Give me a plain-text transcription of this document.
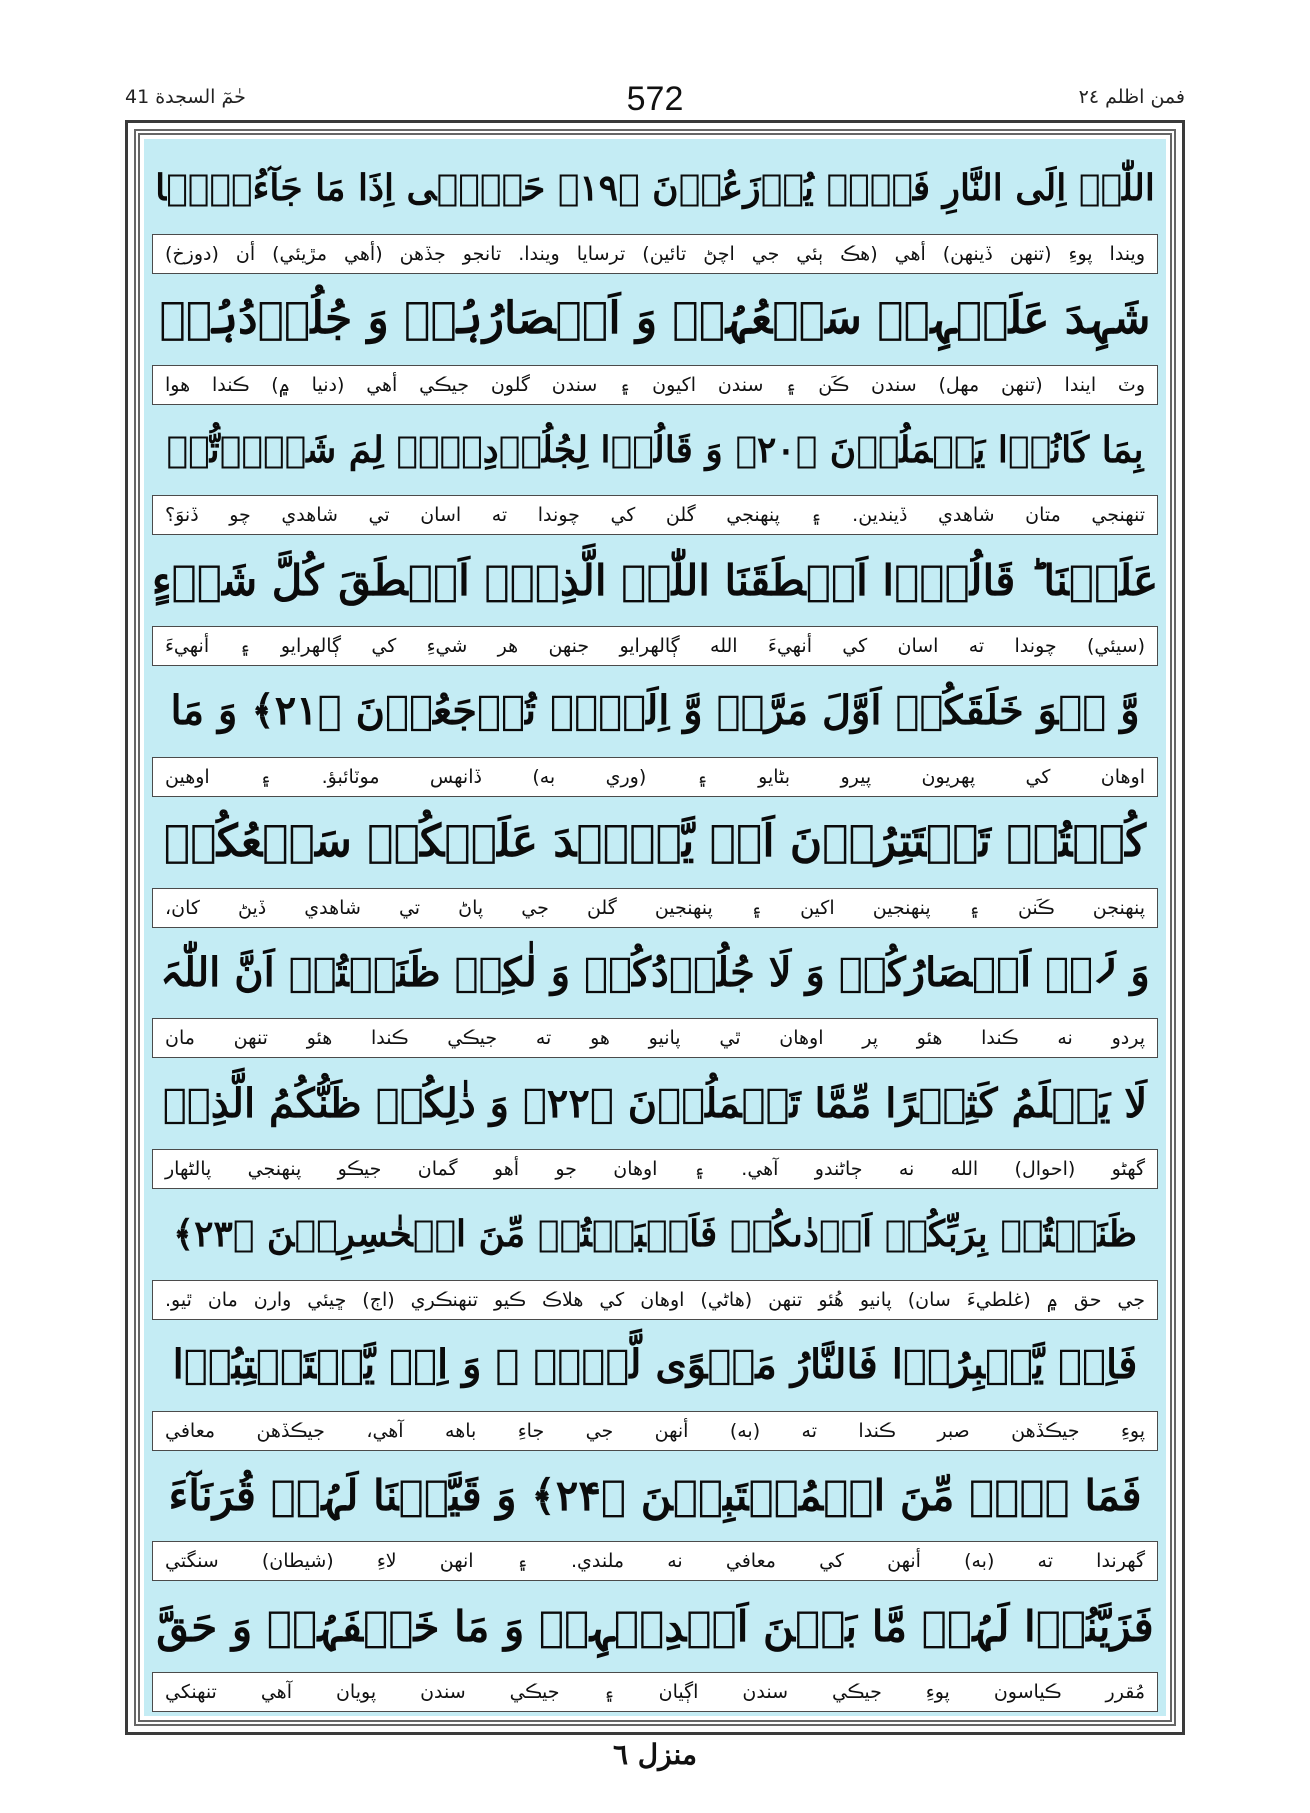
حٰمٓ السجدة 41	572	فمن اظلم ٢٤
اللّٰہِ اِلَی النَّارِ فَہُمۡ یُوۡزَعُوۡنَ ﴿۱۹﴾ حَتّٰۤی اِذَا مَا جَآءُوۡہَا
ويندا پوءِ (تنهن ڏينهن) أهي (هڪ ٻئي جي اچڻ تائين) ترسايا ويندا. تانجو جڏهن (أهي مڙيئي) أن (دوزخ)
شَہِدَ عَلَیۡہِمۡ سَمۡعُہُمۡ وَ اَبۡصَارُہُمۡ وَ جُلُوۡدُہُمۡ
وٽ ايندا (تنهن مهل) سندن ڪَن ۽ سندن اکيون ۽ سندن گلون جيڪي أهي (دنيا ۾) ڪندا هوا
بِمَا کَانُوۡا یَعۡمَلُوۡنَ ﴿۲۰﴾ وَ قَالُوۡا لِجُلُوۡدِہِمۡ لِمَ شَہِدۡتُّمۡ
تنهنجي متان شاهدي ڏيندين. ۽ پنهنجي گلن کي چوندا ته اسان تي شاهدي چو ڏنوَ؟
عَلَیۡنَا ؕ قَالُوۡۤا اَنۡطَقَنَا اللّٰہُ الَّذِیۡۤ اَنۡطَقَ کُلَّ شَیۡءٍ
(سيئي) چوندا ته اسان کي أنهيءَ الله ڳالهرايو جنهن هر شيءِ کي ڳالهرايو ۽ أنهيءَ
وَّ ہُوَ خَلَقَکُمۡ اَوَّلَ مَرَّۃٍ وَّ اِلَیۡہِ تُرۡجَعُوۡنَ ﴿۲۱﴾ وَ مَا
اوهان کي پهريون پيرو بڻايو ۽ (وري به) ڏانهس موٽائبؤ. ۽ اوهين
کُنۡتُمۡ تَسۡتَتِرُوۡنَ اَنۡ یَّشۡہَدَ عَلَیۡکُمۡ سَمۡعُکُمۡ
پنهنجن ڪَنن ۽ پنهنجين اکين ۽ پنهنجين گلن جي پاڻ تي شاهدي ڏيڻ کان،
وَ لَاۤ اَبۡصَارُکُمۡ وَ لَا جُلُوۡدُکُمۡ وَ لٰکِنۡ ظَنَنۡتُمۡ اَنَّ اللّٰہَ
پردو نه ڪندا هئو پر اوهان ٿي پانيو هو ته جيڪي ڪندا هئو تنهن مان
لَا یَعۡلَمُ کَثِیۡرًا مِّمَّا تَعۡمَلُوۡنَ ﴿۲۲﴾ وَ ذٰلِکُمۡ ظَنُّکُمُ الَّذِیۡ
گهڻو (احوال) الله نه ڄاڻندو آهي. ۽ اوهان جو أهو گمان جيڪو پنهنجي پالڻهار
ظَنَنۡتُمۡ بِرَبِّکُمۡ اَرۡدٰىکُمۡ فَاَصۡبَحۡتُمۡ مِّنَ الۡخٰسِرِیۡنَ ﴿۲۳﴾
جي حق ۾ (غلطيءَ سان) پانيو هُئو تنهن (هاڻي) اوهان کي هلاڪ ڪيو تنهنڪري (اڄ) ڇيئي وارن مان ٿيو.
فَاِنۡ یَّصۡبِرُوۡا فَالنَّارُ مَثۡوًی لَّہُمۡ ۚ وَ اِنۡ یَّسۡتَعۡتِبُوۡا
پوءِ جيڪڏهن صبر ڪندا ته (به) أنهن جي جاءِ باهه آهي، جيڪڏهن معافي
فَمَا ہُمۡ مِّنَ الۡمُعۡتَبِیۡنَ ﴿۲۴﴾ وَ قَیَّضۡنَا لَہُمۡ قُرَنَآءَ
گهرندا ته (به) أنهن کي معافي نه ملندي. ۽ انهن لاءِ (شيطان) سنگتي
فَزَیَّنُوۡا لَہُمۡ مَّا بَیۡنَ اَیۡدِیۡہِمۡ وَ مَا خَلۡفَہُمۡ وَ حَقَّ
مُقرر ڪياسون پوءِ جيڪي سندن اڳيان ۽ جيڪي سندن پويان آهي تنهنکي
منزل ٦
